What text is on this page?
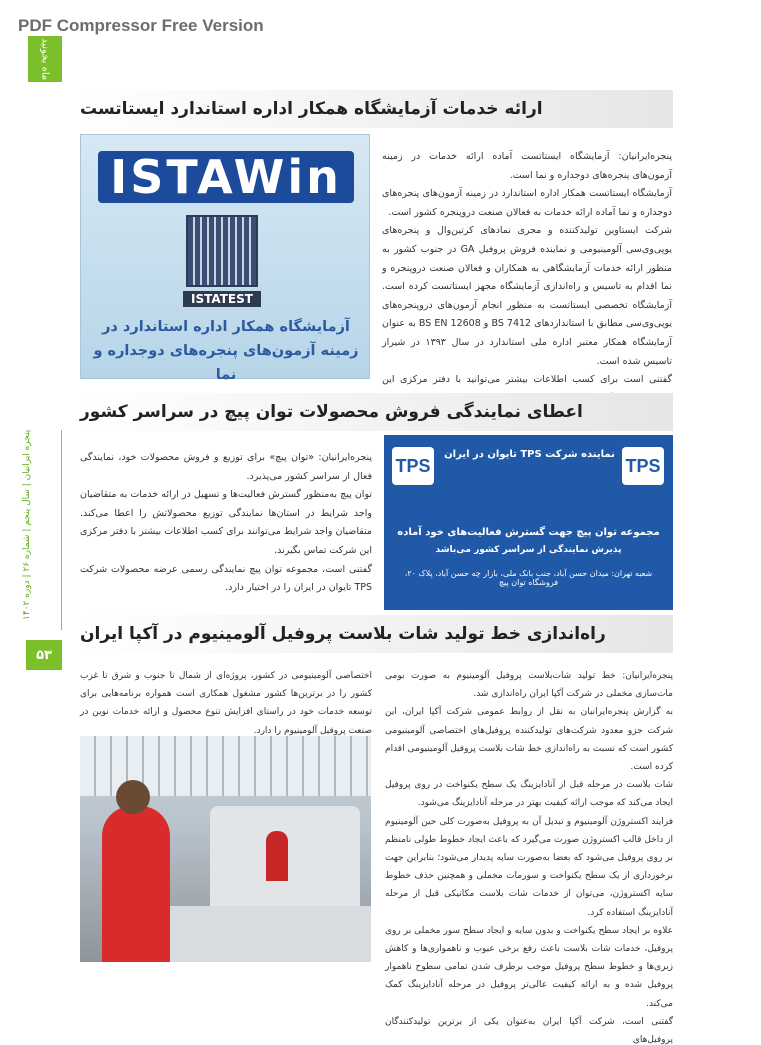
PDF Compressor Free Version
ماه بخونید
پنجره ایرانیان | سال پنجم | شماره ۲۶ | دوره ۱۴۰۲
۵۳
ارائه خدمات آزمایشگاه همکار اداره استاندارد ایستاتست

پنجره‌ایرانیان: آزمایشگاه ایستاتست آماده ارائه خدمات در زمینه آزمون‌های پنجره‌های دوجداره و نما است.

آزمایشگاه ایستاتست همکار اداره استاندارد در زمینه آزمون‌های پنجره‌های دوجداره و نما آماده ارائه خدمات به فعالان صنعت دروپنجره کشور است.

شرکت ایستاوین تولیدکننده و مجری نمادهای کرتین‌وال و پنجره‌های یوپی‌وی‌سی آلومینیومی و نماینده فروش پروفیل GA در جنوب کشور به منظور ارائه خدمات آزمایشگاهی به همکاران و فعالان صنعت دروپنجره و نما اقدام به تاسیس و راه‌اندازی آزمایشگاه مجهز ایستاتست کرده است. آزمایشگاه تخصصی ایستاتست به منظور انجام آزمون‌های دروپنجره‌های یوپی‌وی‌سی مطابق با استانداردهای BS 7412 و BS EN 12608 به عنوان آزمایشگاه همکار معتبر اداره ملی استاندارد در سال ۱۳۹۳ در شیراز تاسیس شده است.

گفتنی است برای کسب اطلاعات بیشتر می‌توانید با دفتر مرکزی این

ISTAWin
ISTATEST
آزمایشگاه همکار اداره استاندارد در زمینه آزمون‌های پنجره‌های دوجداره و نما
اعطای نمایندگی فروش محصولات توان پیچ در سراسر کشور

پنجره‌ایرانیان: «توان پیچ» برای توزیع و فروش محصولات خود، نمایندگی فعال از سراسر کشور می‌پذیرد.

توان پیچ به‌منظور گسترش فعالیت‌ها و تسهیل در ارائه خدمات به متقاضیان واجد شرایط در استان‌ها نمایندگی توزیع محصولاتش را اعطا می‌کند. متقاضیان واجد شرایط می‌توانند برای کسب اطلاعات بیشتر با دفتر مرکزی این شرکت تماس بگیرند.

گفتنی است، مجموعه توان پیچ نمایندگی رسمی عرضه محصولات شرکت TPS تایوان در ایران را در اختیار دارد.

TPS	TPS
نماینده شرکت TPS تایوان در ایران
مجموعه توان پیچ جهت گسترش فعالیت‌های خود آماده
پذیرش نمایندگی از سراسر کشور می‌باشد
شعبه تهران: میدان حسن آباد، جنب بانک ملی، بازار چه حسن آباد، پلاک ۲۰، فروشگاه توان پیچ
راه‌اندازی خط تولید شات بلاست پروفیل آلومینیوم در آکپا ایران

پنجره‌ایرانیان: خط تولید شات‌بلاست پروفیل آلومینیوم به صورت بومی مات‌سازی مخملی در شرکت آکپا ایران راه‌اندازی شد.

به گزارش پنجره‌ایرانیان به نقل از روابط عمومی شرکت آکپا ایران، این شرکت جزو معدود شرکت‌های تولیدکننده پروفیل‌های اختصاصی آلومینیومی کشور است که نسبت به راه‌اندازی خط شات بلاست پروفیل آلومینیومی اقدام کرده است.

شات بلاست در مرحله قبل از آنادایزینگ یک سطح یکنواخت در روی پروفیل ایجاد می‌کند که موجب ارائه کیفیت بهتر در مرحله آنادایزینگ می‌شود.

فرایند اکستروژن آلومینیوم و تبدیل آن به پروفیل به‌صورت کلی حین آلومینیوم از داخل قالب اکستروژن صورت می‌گیرد که باعث ایجاد خطوط طولی نامنظم بر روی پروفیل می‌شود که بعضا به‌صورت سایه پدیدار می‌شود؛ بنابراین جهت برخورداری از یک سطح یکنواخت و سورمات مخملی و همچنین حذف خطوط سایه اکستروژن، می‌توان از خدمات شات بلاست مکانیکی قبل از مرحله آنادایزینگ استفاده کرد.

علاوه بر ایجاد سطح یکنواخت و بدون سایه و ایجاد سطح سور مخملی بر روی پروفیل، خدمات شات بلاست باعث رفع برخی عیوب و ناهمواری‌ها و کاهش زبری‌ها و خطوط سطح پروفیل موجب برطرف شدن تمامی سطوح ناهموار پروفیل شده و به ارائه کیفیت عالی‌تر پروفیل در مرحله آنادایزینگ کمک می‌کند.

گفتنی است، شرکت آکپا ایران به‌عنوان یکی از برترین تولیدکنندگان پروفیل‌های

اختصاصی آلومینیومی در کشور، پروژه‌ای از شمال تا جنوب و شرق تا غرب کشور را در برترین‌ها کشور مشغول همکاری است همواره برنامه‌هایی برای توسعه خدمات خود در راستای افزایش تنوع محصول و ارائه خدمات نوین در صنعت پروفیل آلومینیوم را دارد.
